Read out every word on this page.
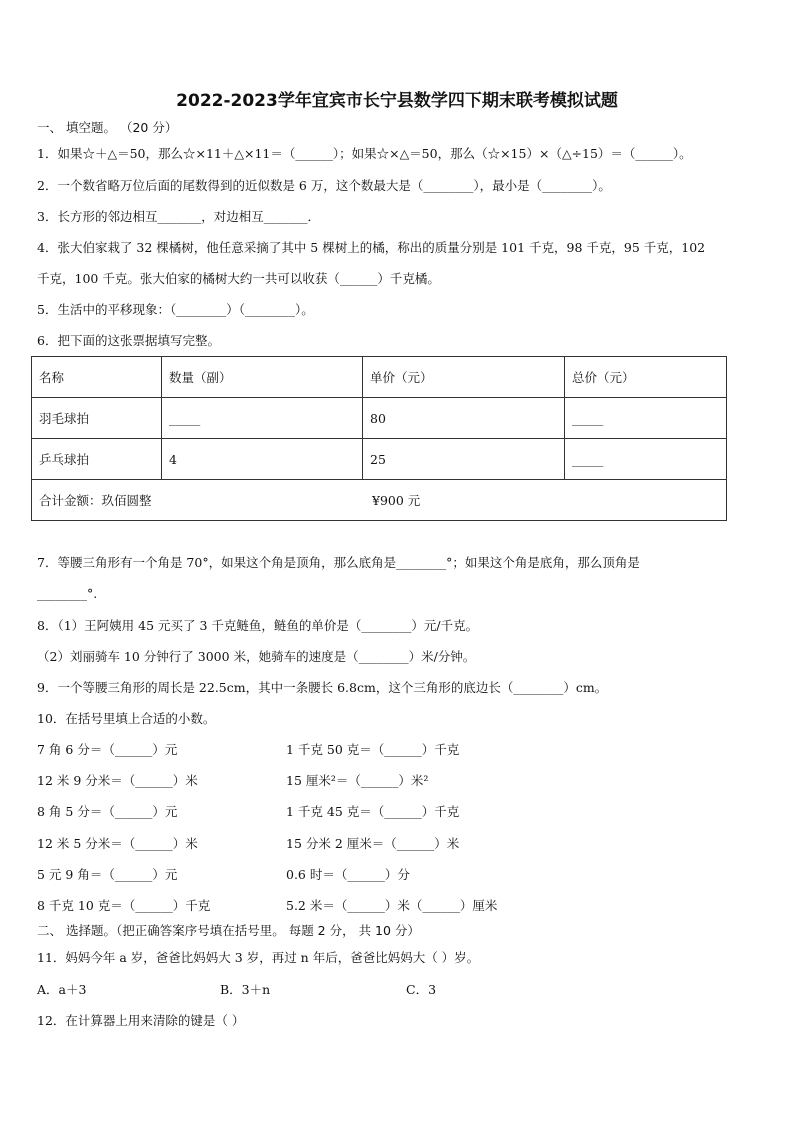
2022-2023学年宜宾市长宁县数学四下期末联考模拟试题
一、 填空题。 （20 分）
1．如果☆＋△＝50，那么☆×11＋△×11＝（______）；如果☆×△＝50，那么（☆×15）×（△÷15）＝（______）。
2．一个数省略万位后面的尾数得到的近似数是 6 万，这个数最大是（________），最小是（________）。
3．长方形的邻边相互_______，对边相互_______．
4．张大伯家栽了 32 棵橘树，他任意采摘了其中 5 棵树上的橘，称出的质量分别是 101 千克，98 千克，95 千克，102
千克，100 千克。张大伯家的橘树大约一共可以收获（______）千克橘。
5．生活中的平移现象：（________）（________）。
6．把下面的这张票据填写完整。
名称	数量（副）	单价（元）	总价（元）
羽毛球拍	_____	80	_____
乒乓球拍	4	25	_____
合计金额：玖佰圆整 ¥900 元			
7．等腰三角形有一个角是 70°，如果这个角是顶角，那么底角是________°；如果这个角是底角，那么顶角是
________°.
8．（1）王阿姨用 45 元买了 3 千克鲢鱼，鲢鱼的单价是（________）元/千克。
（2）刘丽骑车 10 分钟行了 3000 米，她骑车的速度是（________）米/分钟。
9．一个等腰三角形的周长是 22.5cm，其中一条腰长 6.8cm，这个三角形的底边长（________）cm。
10．在括号里填上合适的小数。
7 角 6 分＝（______）元	1 千克 50 克＝（______）千克
12 米 9 分米＝（______）米	15 厘米²＝（______）米²
8 角 5 分＝（______）元	1 千克 45 克＝（______）千克
12 米 5 分米＝（______）米	15 分米 2 厘米＝（______）米
5 元 9 角＝（______）元	0.6 时＝（______）分
8 千克 10 克＝（______）千克	5.2 米＝（______）米（______）厘米
二、 选择题。（把正确答案序号填在括号里。 每题 2 分， 共 10 分）
11．妈妈今年 a 岁，爸爸比妈妈大 3 岁，再过 n 年后，爸爸比妈妈大（ ）岁。
A．a＋3	B．3＋n	C．3
12．在计算器上用来清除的键是（ ）
